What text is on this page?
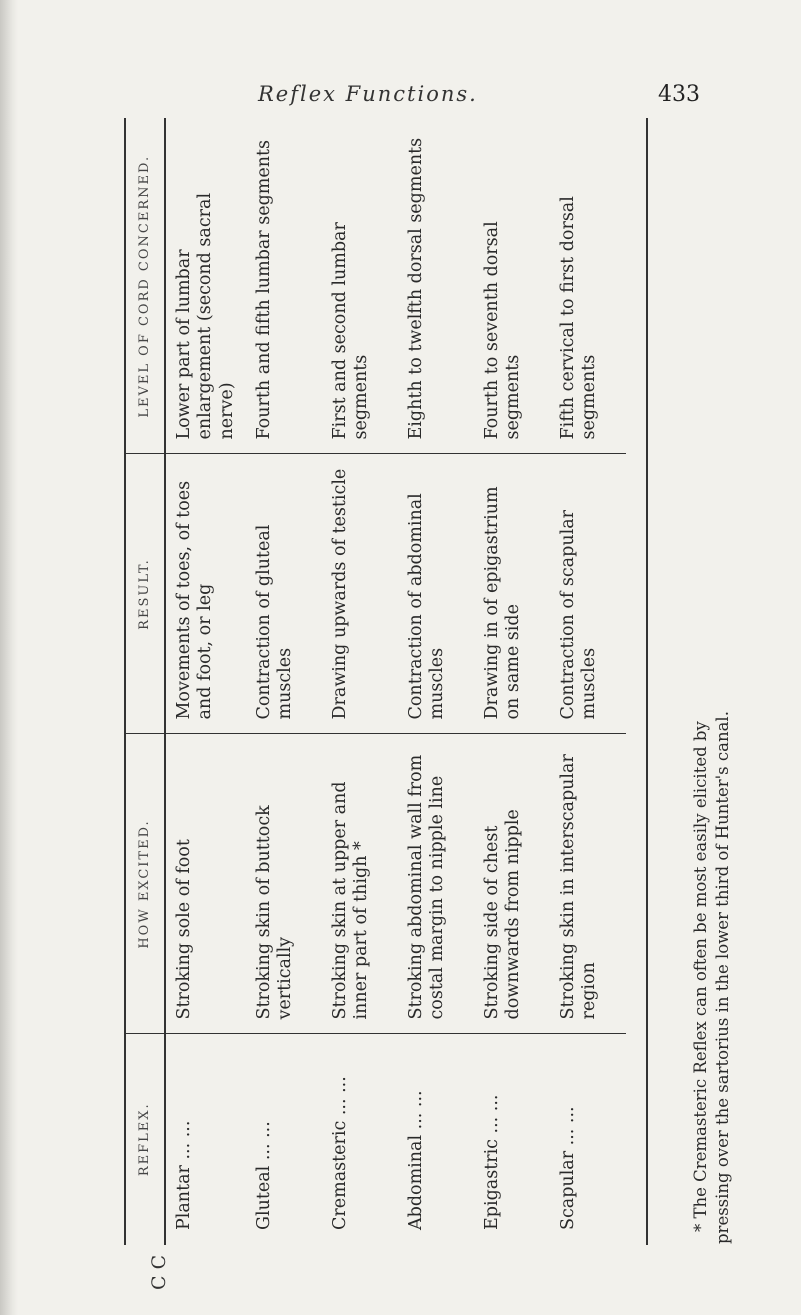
Reflex Functions.	433
REFLEX.	HOW EXCITED.	RESULT.	LEVEL OF CORD CONCERNED.
Plantar ... ...	Stroking sole of foot	Movements of toes, of toes and foot, or leg	Lower part of lumbar enlargement (second sacral nerve)
Gluteal ... ...	Stroking skin of buttock vertically	Contraction of gluteal muscles	Fourth and fifth lumbar segments
Cremasteric ... ...	Stroking skin at upper and inner part of thigh *	Drawing upwards of testicle	First and second lumbar segments
Abdominal ... ...	Stroking abdominal wall from costal margin to nipple line	Contraction of abdominal muscles	Eighth to twelfth dorsal segments
Epigastric ... ...	Stroking side of chest downwards from nipple	Drawing in of epigastrium on same side	Fourth to seventh dorsal segments
Scapular ... ...	Stroking skin in interscapular region	Contraction of scapular muscles	Fifth cervical to first dorsal segments
C C

* The Cremasteric Reflex can often be most easily elicited by pressing over the sartorius in the lower third of Hunter's canal.
